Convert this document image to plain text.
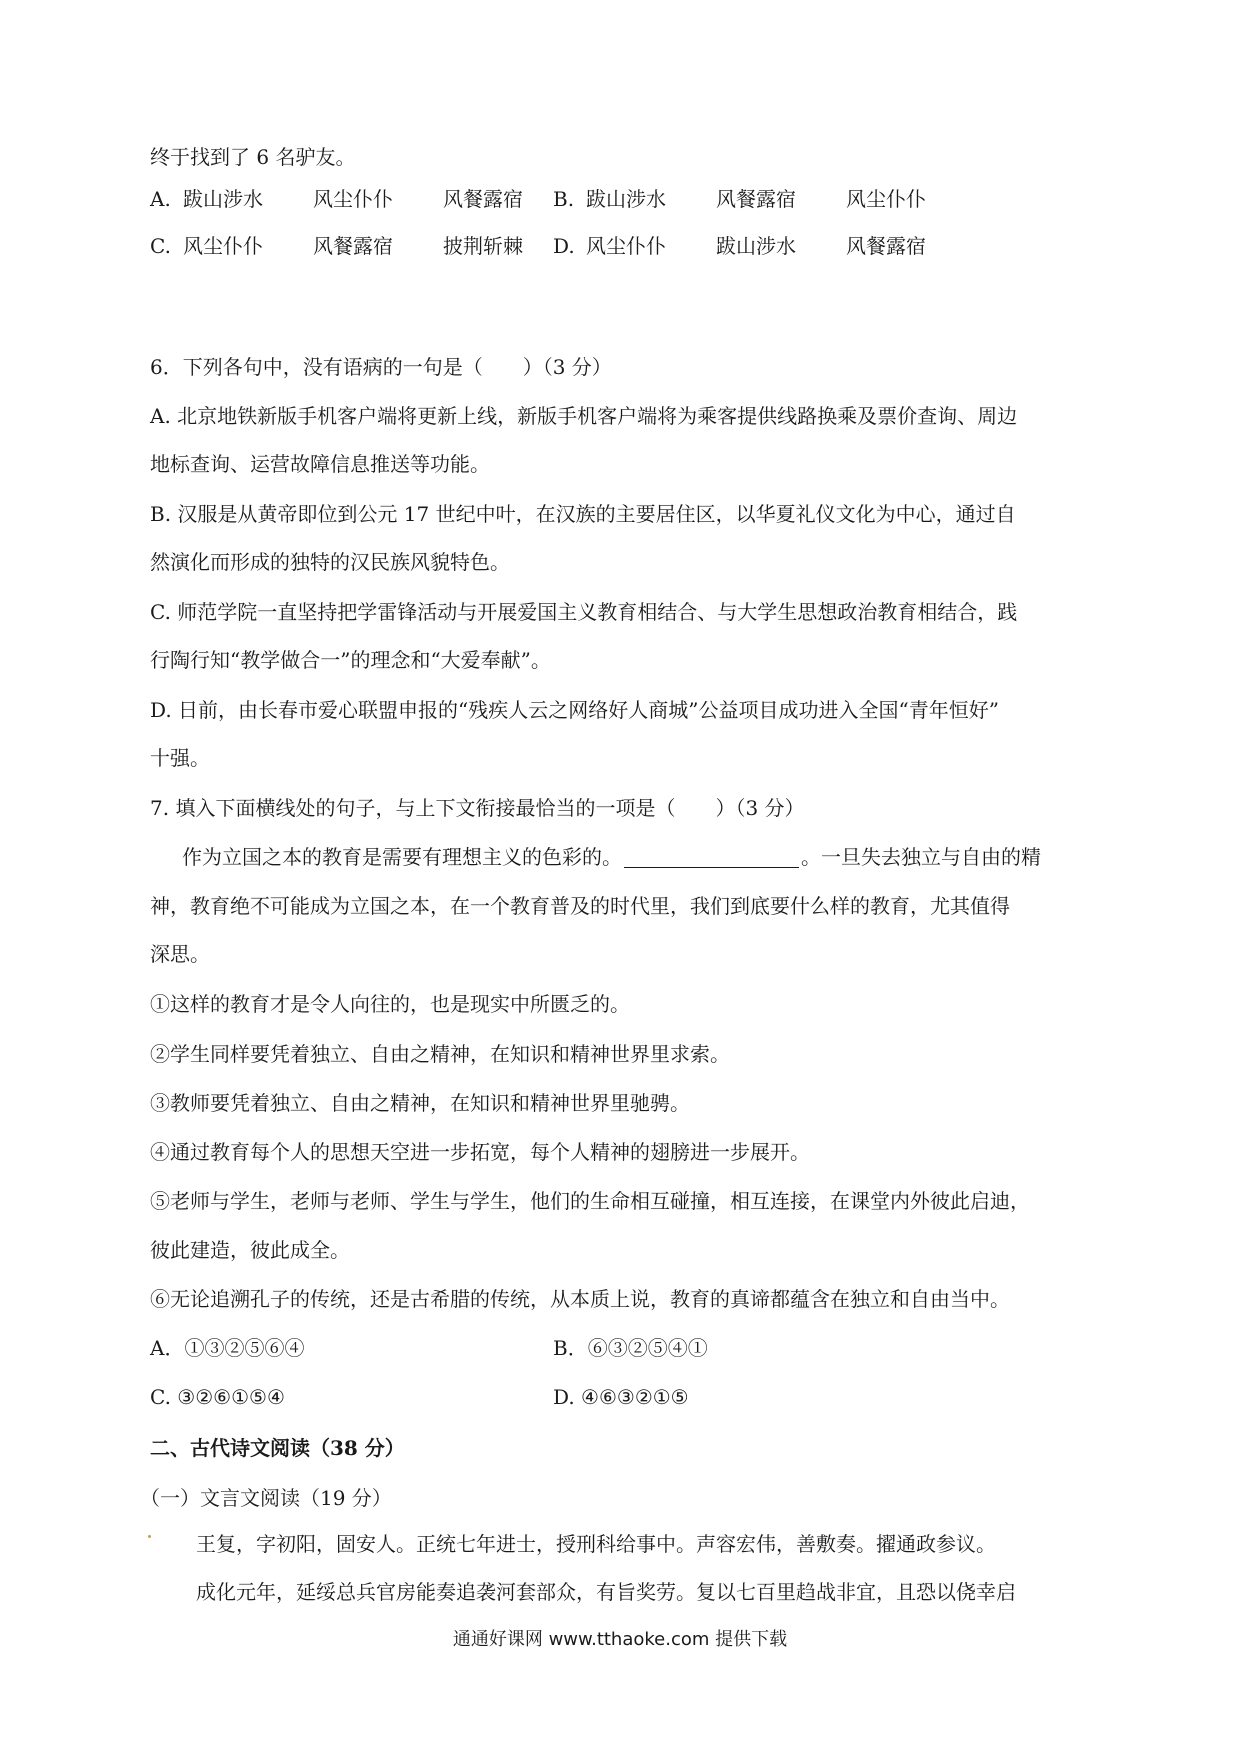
终于找到了 6 名驴友。
A. 跋山涉水	风尘仆仆	风餐露宿 B. 跋山涉水	风餐露宿	风尘仆仆
C. 风尘仆仆	风餐露宿	披荆斩棘 D. 风尘仆仆	跋山涉水	风餐露宿
6．下列各句中，没有语病的一句是（　　）（3 分）
A. 北京地铁新版手机客户端将更新上线，新版手机客户端将为乘客提供线路换乘及票价查询、周边
地标查询、运营故障信息推送等功能。
B. 汉服是从黄帝即位到公元 17 世纪中叶，在汉族的主要居住区，以华夏礼仪文化为中心，通过自
然演化而形成的独特的汉民族风貌特色。
C. 师范学院一直坚持把学雷锋活动与开展爱国主义教育相结合、与大学生思想政治教育相结合，践
行陶行知“教学做合一”的理念和“大爱奉献”。
D. 日前，由长春市爱心联盟申报的“残疾人云之网络好人商城”公益项目成功进入全国“青年恒好”
十强。
7. 填入下面横线处的句子，与上下文衔接最恰当的一项是（　　）（3 分）
作为立国之本的教育是需要有理想主义的色彩的。	。一旦失去独立与自由的精
神，教育绝不可能成为立国之本，在一个教育普及的时代里，我们到底要什么样的教育，尤其值得
深思。
①这样的教育才是令人向往的，也是现实中所匮乏的。
②学生同样要凭着独立、自由之精神，在知识和精神世界里求索。
③教师要凭着独立、自由之精神，在知识和精神世界里驰骋。
④通过教育每个人的思想天空进一步拓宽，每个人精神的翅膀进一步展开。
⑤老师与学生，老师与老师、学生与学生，他们的生命相互碰撞，相互连接，在课堂内外彼此启迪，
彼此建造，彼此成全。
⑥无论追溯孔子的传统，还是古希腊的传统，从本质上说，教育的真谛都蕴含在独立和自由当中。
A．①③②⑤⑥④	B．⑥③②⑤④①
C. ③②⑥①⑤④	D. ④⑥③②①⑤
二、古代诗文阅读（38 分）
（一）文言文阅读（19 分）
王复，字初阳，固安人。正统七年进士，授刑科给事中。声容宏伟，善敷奏。擢通政参议。
成化元年，延绥总兵官房能奏追袭河套部众，有旨奖劳。复以七百里趋战非宜，且恐以侥幸启
通通好课网 www.tthaoke.com 提供下载
